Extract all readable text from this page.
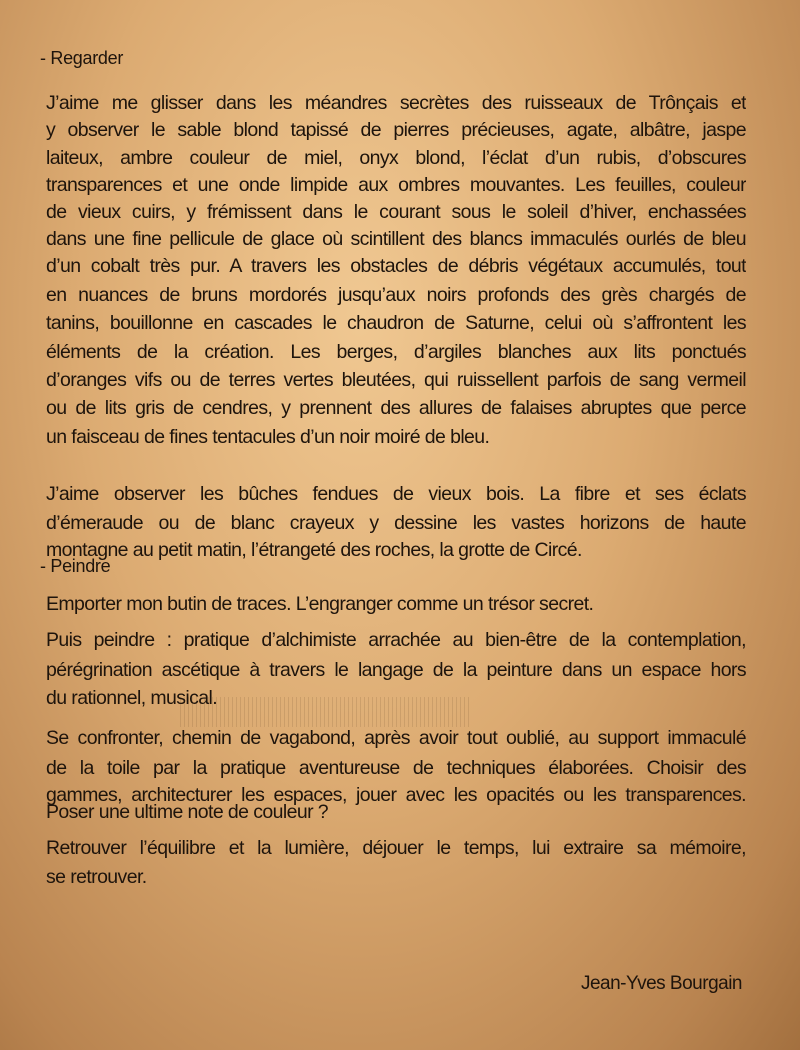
- Regarder
J’aime me glisser dans les méandres secrètes des ruisseaux de Trônçais et
y observer le sable blond tapissé de pierres précieuses, agate, albâtre, jaspe
laiteux, ambre couleur de miel, onyx blond, l’éclat d’un rubis, d’obscures
transparences et une onde limpide aux ombres mouvantes. Les feuilles, couleur
de vieux cuirs, y frémissent dans le courant sous le soleil d’hiver, enchassées
dans une fine pellicule de glace où scintillent des blancs immaculés ourlés de bleu
d’un cobalt très pur. A travers les obstacles de débris végétaux accumulés, tout
en nuances de bruns mordorés jusqu’aux noirs profonds des grès chargés de
tanins, bouillonne en cascades le chaudron de Saturne, celui où s’affrontent les
éléments de la création. Les berges, d’argiles blanches aux lits ponctués
d’oranges vifs ou de terres vertes bleutées, qui ruissellent parfois de sang vermeil
ou de lits gris de cendres, y prennent des allures de falaises abruptes que perce
un faisceau de fines tentacules d’un noir moiré de bleu.
J’aime observer les bûches fendues de vieux bois. La fibre et ses éclats
d’émeraude ou de blanc crayeux y dessine les vastes horizons de haute
montagne au petit matin, l’étrangeté des roches, la grotte de Circé.
- Peindre
Emporter mon butin de traces. L’engranger comme un trésor secret.
Puis peindre : pratique d’alchimiste arrachée au bien-être de la contemplation,
pérégrination ascétique à travers le langage de la peinture dans un espace hors
du rationnel, musical.
Se confronter, chemin de vagabond, après avoir tout oublié, au support immaculé
de la toile par la pratique aventureuse de techniques élaborées. Choisir des
gammes, architecturer les espaces, jouer avec les opacités ou les transparences.
Poser une ultime note de couleur ?
Retrouver l’équilibre et la lumière, déjouer le temps, lui extraire sa mémoire,
se retrouver.
Jean-Yves Bourgain
